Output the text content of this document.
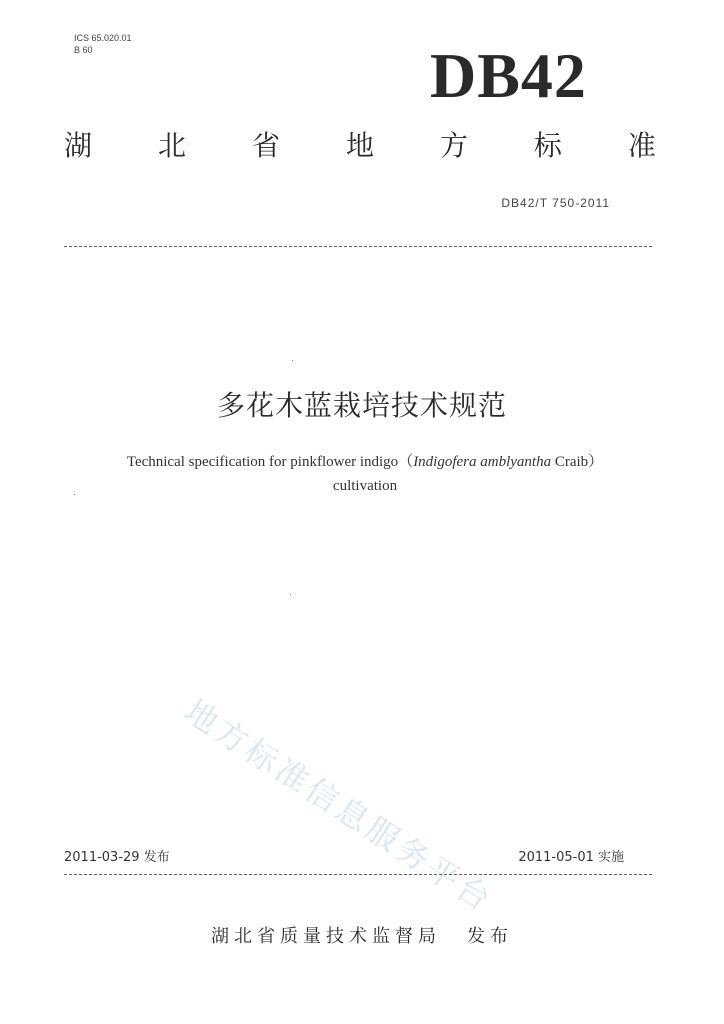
ICS 65.020.01
B 60	DB42
湖 北 省 地 方 标 准
DB42/T 750-2011
多花木蓝栽培技术规范
Technical specification for pinkflower indigo（Indigofera amblyantha Craib）
cultivation
地方标准信息服务平台
2011-03-29 发布	2011-05-01 实施
湖北省质量技术监督局 发布
